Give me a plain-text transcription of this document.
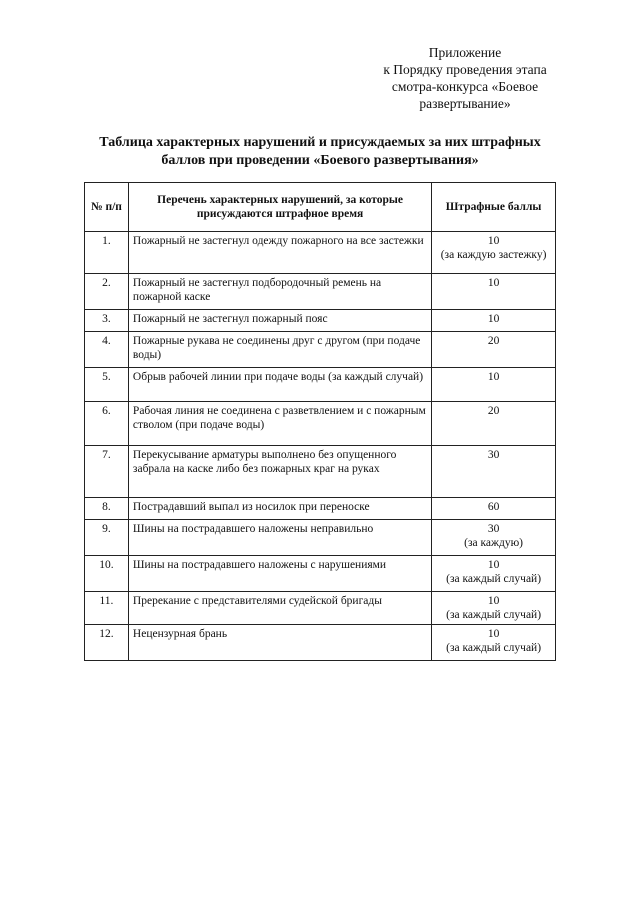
Приложение
к Порядку проведения этапа
смотра-конкурса «Боевое
развертывание»
Таблица характерных нарушений и присуждаемых за них штрафных
баллов при проведении «Боевого развертывания»
№ п/п	Перечень характерных нарушений, за которые присуждаются штрафное время	Штрафные баллы
1.	Пожарный не застегнул одежду пожарного на все застежки	10
(за каждую застежку)

2.	Пожарный не застегнул подбородочный ремень на пожарной каске	10

3.	Пожарный не застегнул пожарный пояс	10

4.	Пожарные рукава не соединены друг с другом (при подаче воды)	20

5.	Обрыв рабочей линии при подаче воды (за каждый случай)	10

6.	Рабочая линия не соединена с разветвлением и с пожарным стволом (при подаче воды)	20

7.	Перекусывание арматуры выполнено без опущенного забрала на каске либо без пожарных краг на руках	30

8.	Пострадавший выпал из носилок при переноске	60

9.	Шины на пострадавшего наложены неправильно	30
(за каждую)

10.	Шины на пострадавшего наложены с нарушениями	10
(за каждый случай)

11.	Пререкание с представителями судейской бригады	10
(за каждый случай)

12.	Нецензурная брань	10
(за каждый случай)
